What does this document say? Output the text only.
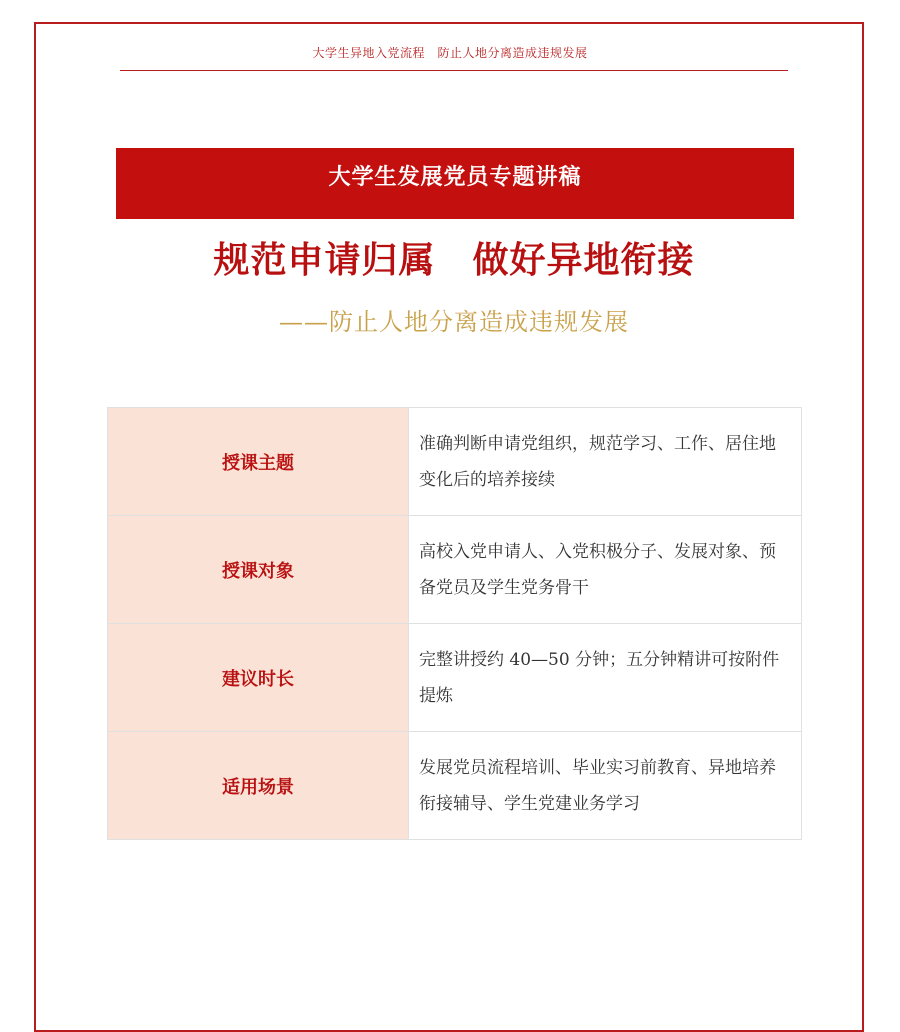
大学生异地入党流程　防止人地分离造成违规发展
大学生发展党员专题讲稿
规范申请归属　做好异地衔接
——防止人地分离造成违规发展
授课主题	准确判断申请党组织，规范学习、工作、居住地变化后的培养接续
授课对象	高校入党申请人、入党积极分子、发展对象、预备党员及学生党务骨干
建议时长	完整讲授约 40—50 分钟；五分钟精讲可按附件提炼
适用场景	发展党员流程培训、毕业实习前教育、异地培养衔接辅导、学生党建业务学习
